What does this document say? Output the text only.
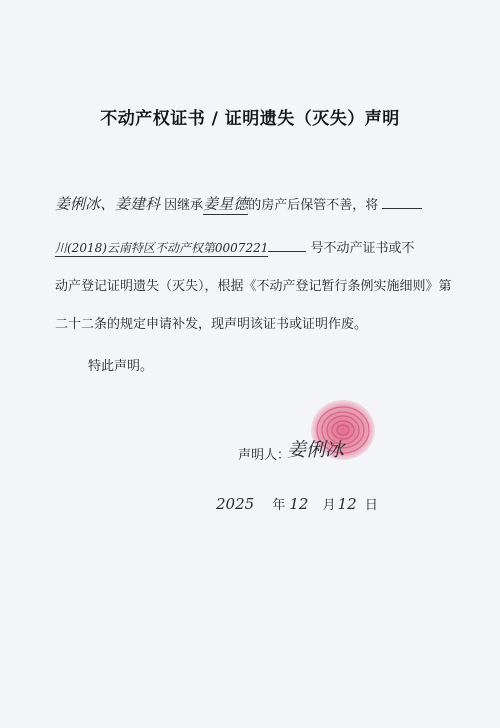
不动产权证书 / 证明遗失（灭失）声明
姜俐冰、姜建科 因继承姜星德的房产后保管不善，将
川(2018)云南特区不动产权第0007221	号不动产证书或不
动产登记证明遗失（灭失），根据《不动产登记暂行条例实施细则》第
二十二条的规定申请补发，现声明该证书或证明作废。
特此声明。
声明人：
姜俐冰
2025 年 12 月 12 日
